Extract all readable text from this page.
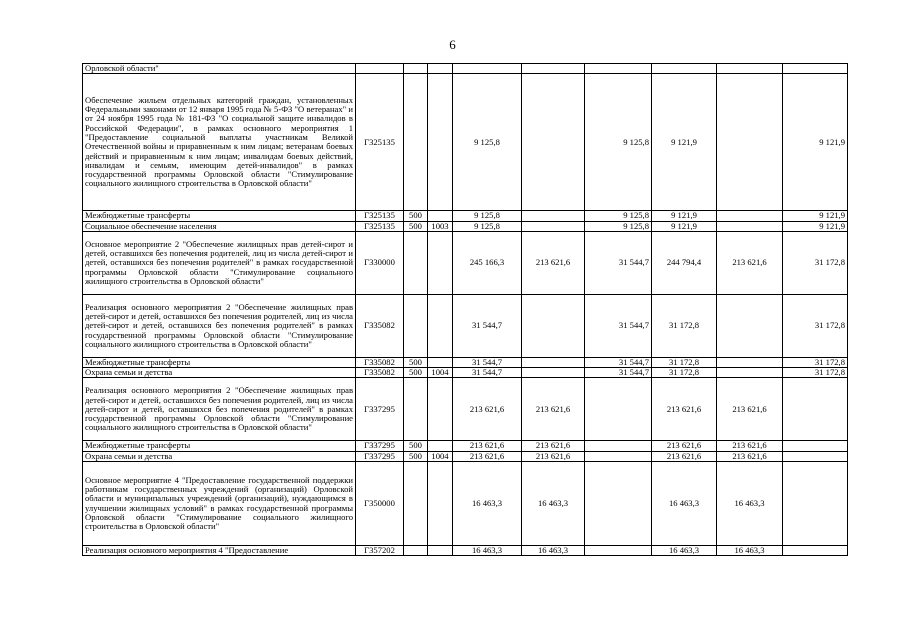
6
Орловской области"									
Обеспечение жильем отдельных категорий граждан, установленных Федеральными законами от 12 января 1995 года № 5-ФЗ "О ветеранах" и от 24 ноября 1995 года № 181-ФЗ "О социальной защите инвалидов в Российской Федерации", в рамках основного мероприятия 1 "Предоставление социальной выплаты участникам Великой Отечественной войны и приравненным к ним лицам; ветеранам боевых действий и приравненным к ним лицам; инвалидам боевых действий, инвалидам и семьям, имеющим детей-инвалидов" в рамках государственной программы Орловской области "Стимулирование социального жилищного строительства в Орловской области"	Г325135			9 125,8		9 125,8	9 121,9		9 121,9
Межбюджетные трансферты	Г325135	500		9 125,8		9 125,8	9 121,9		9 121,9
Социальное обеспечение населения	Г325135	500	1003	9 125,8		9 125,8	9 121,9		9 121,9
Основное мероприятие 2 "Обеспечение жилищных прав детей-сирот и детей, оставшихся без попечения родителей, лиц из числа детей-сирот и детей, оставшихся без попечения родителей" в рамках государственной программы Орловской области "Стимулирование социального жилищного строительства в Орловской области"	Г330000			245 166,3	213 621,6	31 544,7	244 794,4	213 621,6	31 172,8
Реализация основного мероприятия 2 "Обеспечение жилищных прав детей-сирот и детей, оставшихся без попечения родителей, лиц из числа детей-сирот и детей, оставшихся без попечения родителей" в рамках государственной программы Орловской области "Стимулирование социального жилищного строительства в Орловской области"	Г335082			31 544,7		31 544,7	31 172,8		31 172,8
Межбюджетные трансферты	Г335082	500		31 544,7		31 544,7	31 172,8		31 172,8
Охрана семьи и детства	Г335082	500	1004	31 544,7		31 544,7	31 172,8		31 172,8
Реализация основного мероприятия 2 "Обеспечение жилищных прав детей-сирот и детей, оставшихся без попечения родителей, лиц из числа детей-сирот и детей, оставшихся без попечения родителей" в рамках государственной программы Орловской области "Стимулирование социального жилищного строительства в Орловской области"	Г337295			213 621,6	213 621,6		213 621,6	213 621,6	
Межбюджетные трансферты	Г337295	500		213 621,6	213 621,6		213 621,6	213 621,6	
Охрана семьи и детства	Г337295	500	1004	213 621,6	213 621,6		213 621,6	213 621,6	
Основное мероприятие 4 "Предоставление государственной поддержки работникам государственных учреждений (организаций) Орловской области и муниципальных учреждений (организаций), нуждающимся в улучшении жилищных условий" в рамках государственной программы Орловской области "Стимулирование социального жилищного строительства в Орловской области"	Г350000			16 463,3	16 463,3		16 463,3	16 463,3	
Реализация основного мероприятия 4 "Предоставление	Г357202			16 463,3	16 463,3		16 463,3	16 463,3	
